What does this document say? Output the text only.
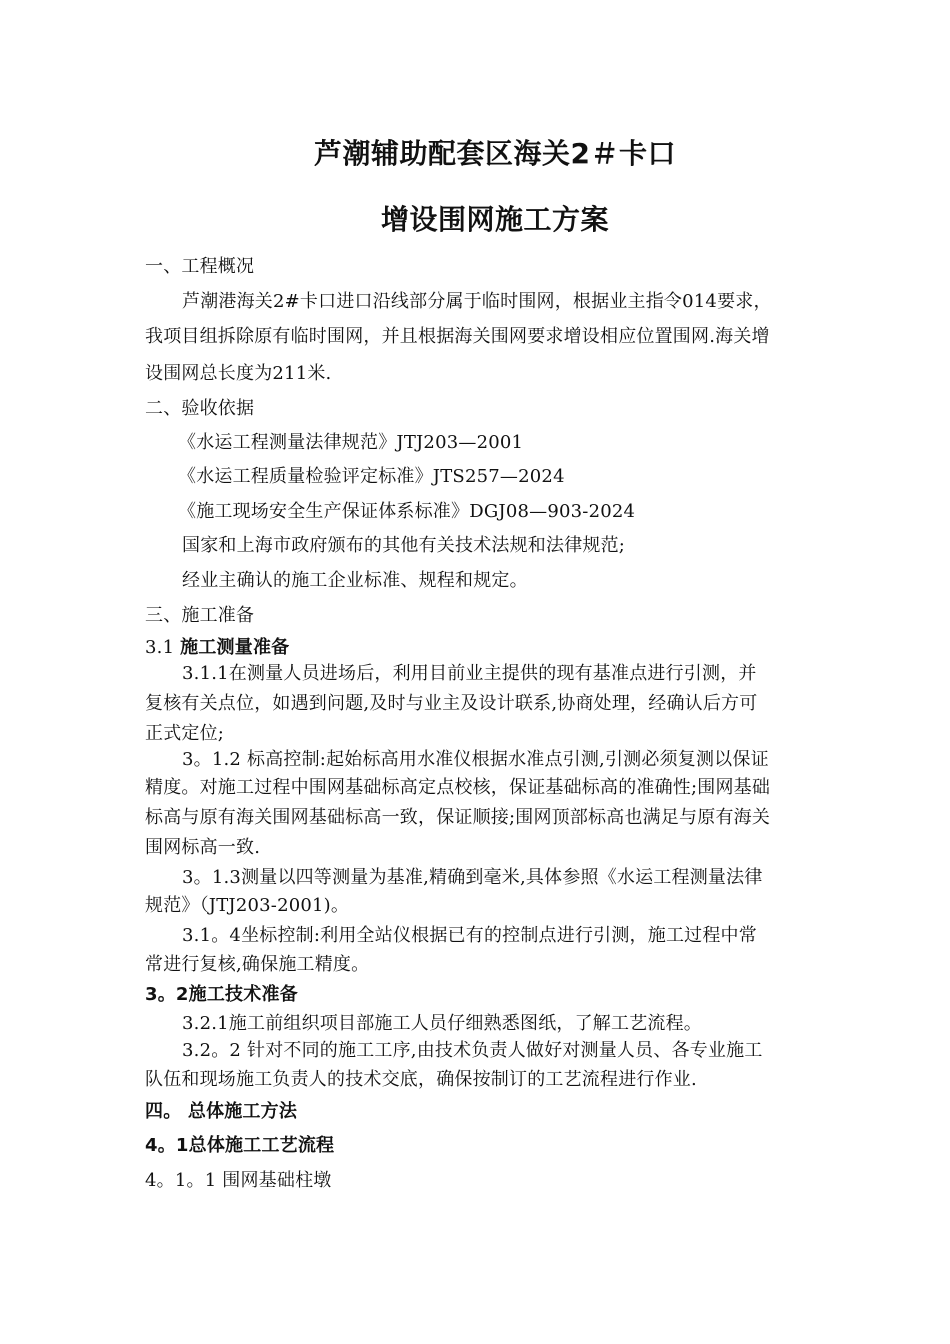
芦潮辅助配套区海关2＃卡口
增设围网施工方案
一、工程概况
芦潮港海关2#卡口进口沿线部分属于临时围网，根据业主指令014要求，
我项目组拆除原有临时围网，并且根据海关围网要求增设相应位置围网.海关增
设围网总长度为211米.
二、验收依据
《水运工程测量法律规范》JTJ203—2001
《水运工程质量检验评定标准》JTS257—2024
《施工现场安全生产保证体系标准》DGJ08—903-2024
国家和上海市政府颁布的其他有关技术法规和法律规范;
经业主确认的施工企业标准、规程和规定。
三、施工准备
3.1 施工测量准备
3.1.1在测量人员进场后，利用目前业主提供的现有基准点进行引测，并
复核有关点位，如遇到问题,及时与业主及设计联系,协商处理，经确认后方可
正式定位;
3。1.2 标高控制:起始标高用水准仪根据水准点引测,引测必须复测以保证
精度。对施工过程中围网基础标高定点校核，保证基础标高的准确性;围网基础
标高与原有海关围网基础标高一致，保证顺接;围网顶部标高也满足与原有海关
围网标高一致.
3。1.3测量以四等测量为基准,精确到毫米,具体参照《水运工程测量法律
规范》（JTJ203-2001)。
3.1。4坐标控制:利用全站仪根据已有的控制点进行引测，施工过程中常
常进行复核,确保施工精度。
3。2施工技术准备
3.2.1施工前组织项目部施工人员仔细熟悉图纸，了解工艺流程。
3.2。2 针对不同的施工工序,由技术负责人做好对测量人员、各专业施工
队伍和现场施工负责人的技术交底，确保按制订的工艺流程进行作业.
四。 总体施工方法
4。1总体施工工艺流程
4。1。1 围网基础柱墩
